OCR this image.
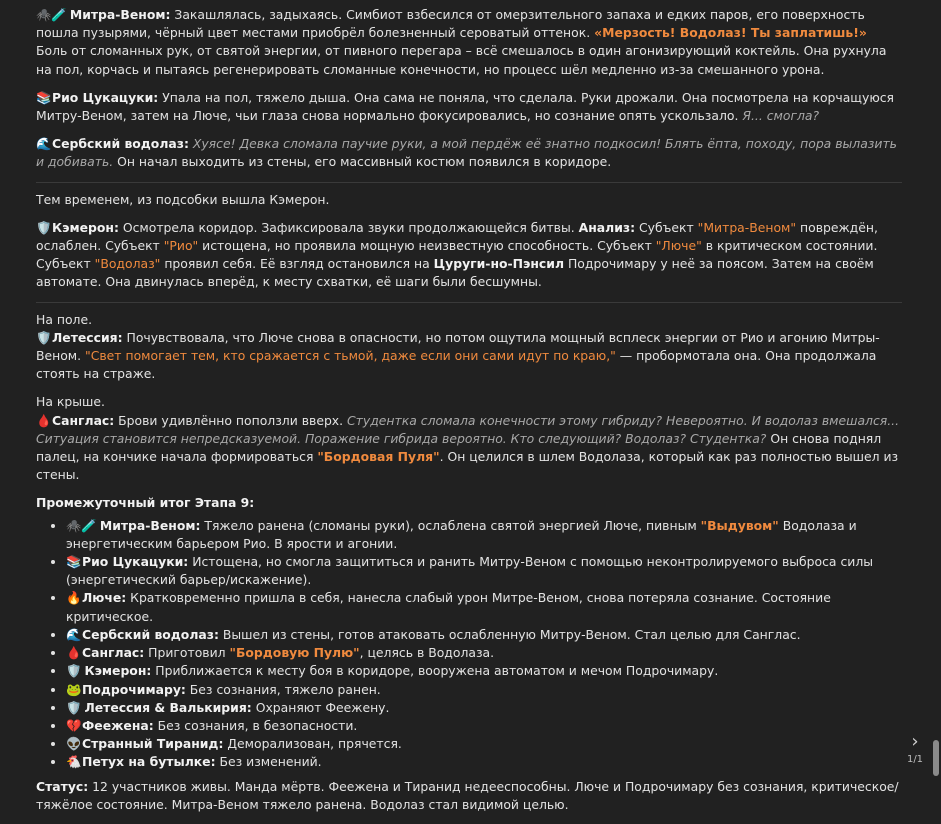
🕷️🧪 Митра-Веном: Закашлялась, задыхаясь. Симбиот взбесился от омерзительного запаха и едких паров, его поверхность пошла пузырями, чёрный цвет местами приобрёл болезненный сероватый оттенок. «Мерзость! Водолаз! Ты заплатишь!» Боль от сломанных рук, от святой энергии, от пивного перегара – всё смешалось в один агонизирующий коктейль. Она рухнула на пол, корчась и пытаясь регенерировать сломанные конечности, но процесс шёл медленно из-за смешанного урона.

📚Рио Цукацуки: Упала на пол, тяжело дыша. Она сама не поняла, что сделала. Руки дрожали. Она посмотрела на корчащуюся Митру-Веном, затем на Люче, чьи глаза снова нормально фокусировались, но сознание опять ускользало. Я... смогла?

🌊Сербский водолаз: Хуясе! Девка сломала паучие руки, а мой пердёж её знатно подкосил! Блять ёпта, походу, пора вылазить и добивать. Он начал выходить из стены, его массивный костюм появился в коридоре.

Тем временем, из подсобки вышла Кэмерон.

🛡️Кэмерон: Осмотрела коридор. Зафиксировала звуки продолжающейся битвы. Анализ: Субъект "Митра-Веном" повреждён, ослаблен. Субъект "Рио" истощена, но проявила мощную неизвестную способность. Субъект "Люче" в критическом состоянии. Субъект "Водолаз" проявил себя. Её взгляд остановился на Цуруги-но-Пэнсил Подрочимару у неё за поясом. Затем на своём автомате. Она двинулась вперёд, к месту схватки, её шаги были бесшумны.

На поле.
🛡️Летессия: Почувствовала, что Люче снова в опасности, но потом ощутила мощный всплеск энергии от Рио и агонию Митры-Веном. "Свет помогает тем, кто сражается с тьмой, даже если они сами идут по краю," — пробормотала она. Она продолжала стоять на страже.

На крыше.
🩸Санглас: Брови удивлённо поползли вверх. Студентка сломала конечности этому гибриду? Невероятно. И водолаз вмешался... Ситуация становится непредсказуемой. Поражение гибрида вероятно. Кто следующий? Водолаз? Студентка? Он снова поднял палец, на кончике начала формироваться "Бордовая Пуля". Он целился в шлем Водолаза, который как раз полностью вышел из стены.

Промежуточный итог Этапа 9:
• 🕷️🧪 Митра-Веном: Тяжело ранена (сломаны руки), ослаблена святой энергией Люче, пивным "Выдувом" Водолаза и энергетическим барьером Рио. В ярости и агонии.
• 📚Рио Цукацуки: Истощена, но смогла защититься и ранить Митру-Веном с помощью неконтролируемого выброса силы (энергетический барьер/искажение).
• 🔥Люче: Кратковременно пришла в себя, нанесла слабый урон Митре-Веном, снова потеряла сознание. Состояние критическое.
• 🌊Сербский водолаз: Вышел из стены, готов атаковать ослабленную Митру-Веном. Стал целью для Санглас.
• 🩸Санглас: Приготовил "Бордовую Пулю", целясь в Водолаза.
• 🛡️ Кэмерон: Приближается к месту боя в коридоре, вооружена автоматом и мечом Подрочимару.
• 🐸Подрочимару: Без сознания, тяжело ранен.
• 🛡️ Летессия & Валькирия: Охраняют Феежену.
• 💔Феежена: Без сознания, в безопасности.
• 👽Странный Тиранид: Деморализован, прячется.
• 🐔Петух на бутылке: Без изменений.

Статус: 12 участников живы. Манда мёртв. Феежена и Тиранид недееспособны. Люче и Подрочимару без сознания, критическое/тяжёлое состояние. Митра-Веном тяжело ранена. Водолаз стал видимой целью.

›
1/1
